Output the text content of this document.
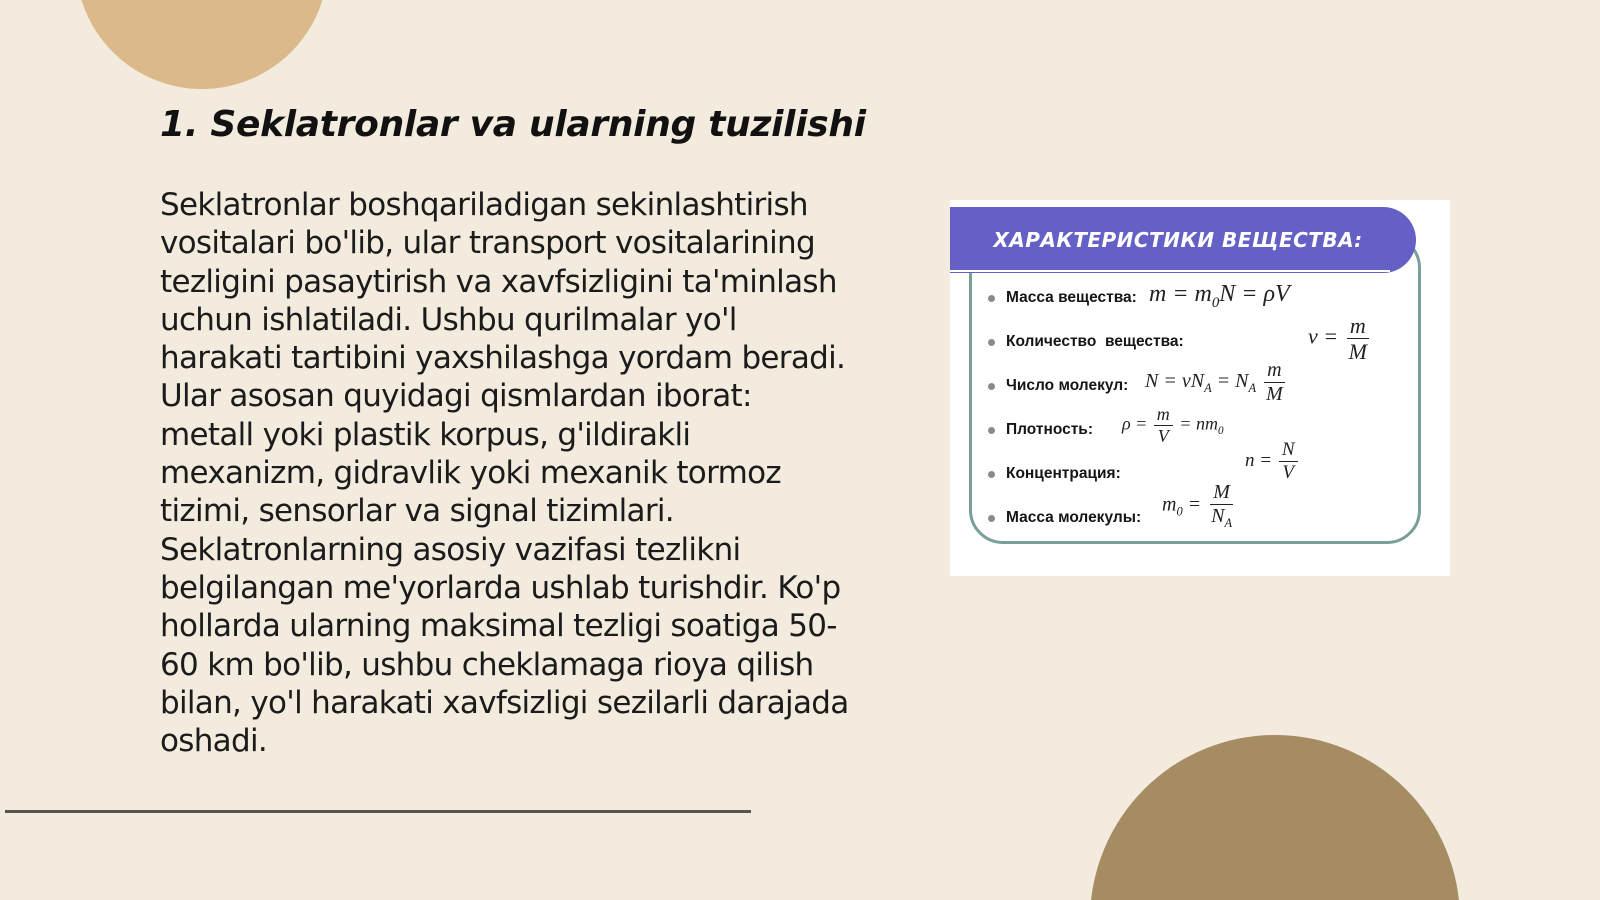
1. Seklatronlar va ularning tuzilishi

Seklatronlar boshqariladigan sekinlashtirish vositalari bo'lib, ular transport vositalarining tezligini pasaytirish va xavfsizligini ta'minlash uchun ishlatiladi. Ushbu qurilmalar yo'l harakati tartibini yaxshilashga yordam beradi. Ular asosan quyidagi qismlardan iborat: metall yoki plastik korpus, g'ildirakli mexanizm, gidravlik yoki mexanik tormoz tizimi, sensorlar va signal tizimlari. Seklatronlarning asosiy vazifasi tezlikni belgilangan me'yorlarda ushlab turishdir. Ko'p hollarda ularning maksimal tezligi soatiga 50-60 km bo'lib, ushbu cheklamaga rioya qilish bilan, yo'l harakati xavfsizligi sezilarli darajada oshadi.

ХАРАКТЕРИСТИКИ ВЕЩЕСТВА:
Масса вещества:
Количество  вещества:
Число молекул:
Плотность:
Концентрация:
Масса молекулы:
$m = m_0N = \rho V$
$\nu = \frac{m}{M}$
$N = \nu N_A = N_A \frac{m}{M}$
$\rho = \frac{m}{V} = nm_0$
$n = \frac{N}{V}$
$m_0 = \frac{M}{N_A}$
